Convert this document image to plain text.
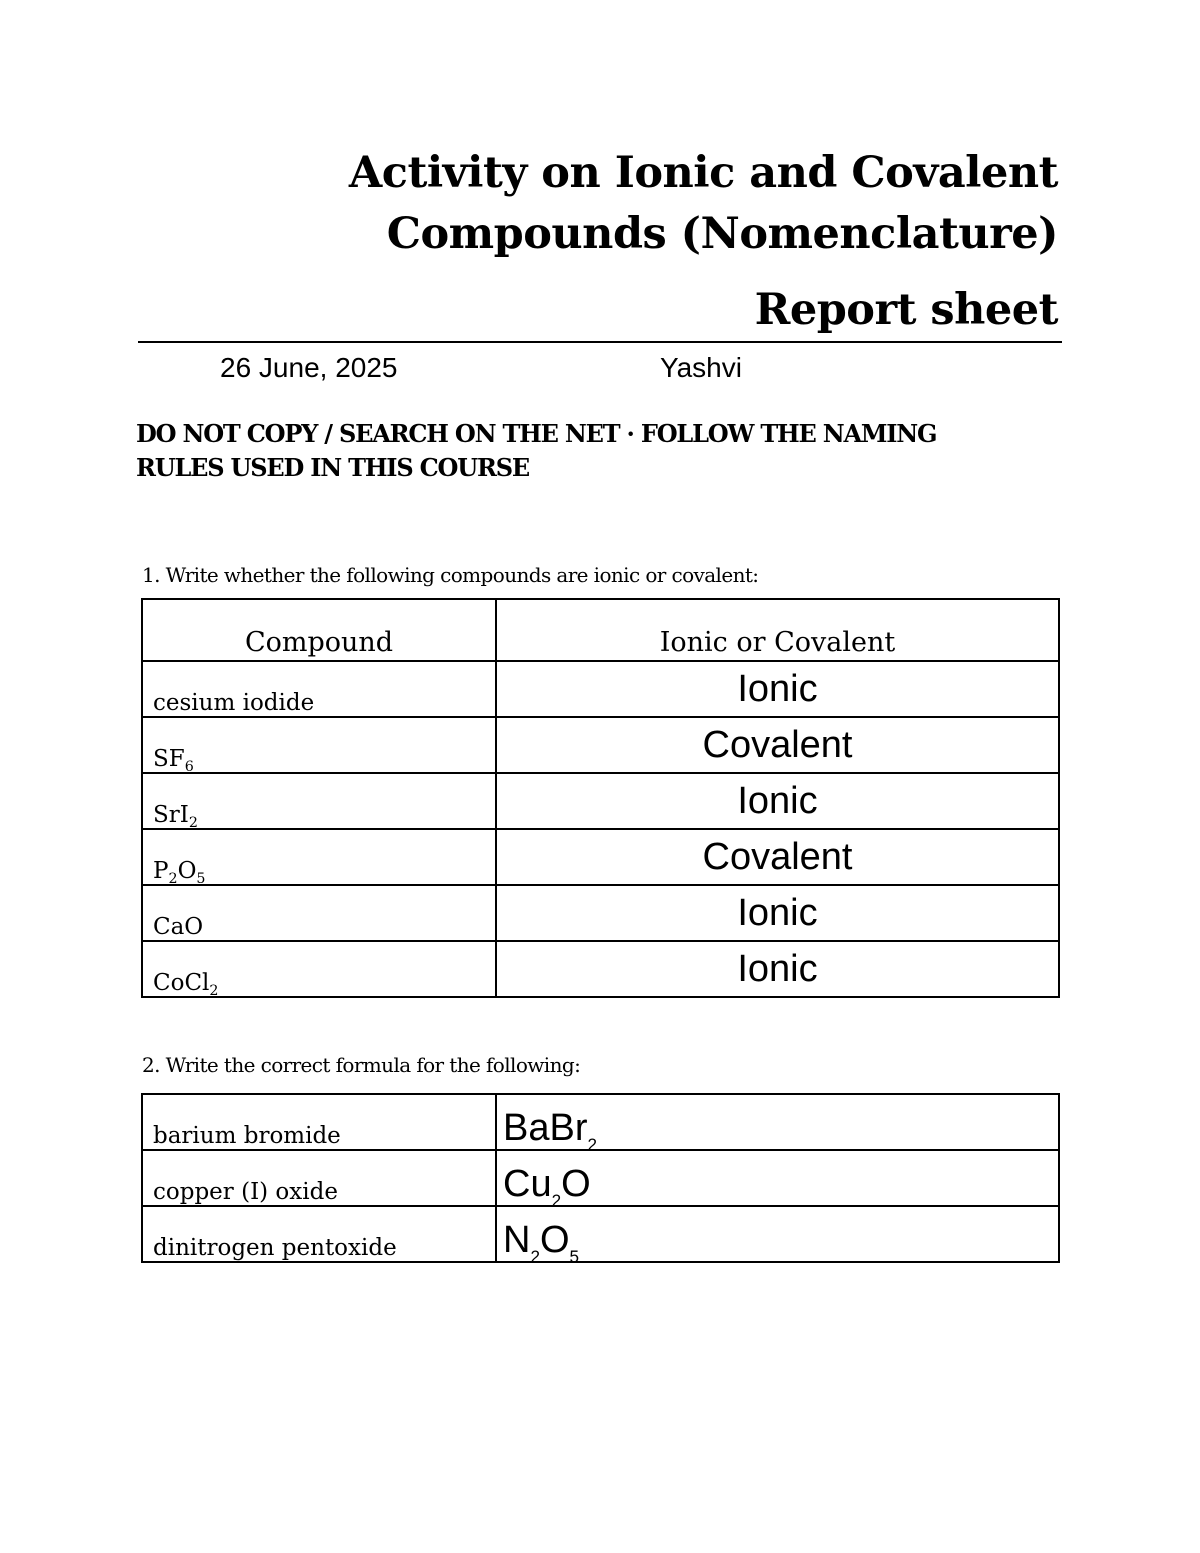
Activity on Ionic and Covalent
Compounds (Nomenclature)
Report sheet
26 June, 2025	Yashvi
DO NOT COPY / SEARCH ON THE NET · FOLLOW THE NAMING
RULES USED IN THIS COURSE
1. Write whether the following compounds are ionic or covalent:
Compound	Ionic or Covalent
cesium iodide	Ionic
$SF_6$	Covalent
SrI$_2$	Ionic
$P_2O_5$	Covalent
CaO	Ionic
CoCl$_2$	Ionic
2. Write the correct formula for the following:
barium bromide	BaBr$_2$
copper (I) oxide	$Cu_2O$
dinitrogen pentoxide	$N_2O_5$
